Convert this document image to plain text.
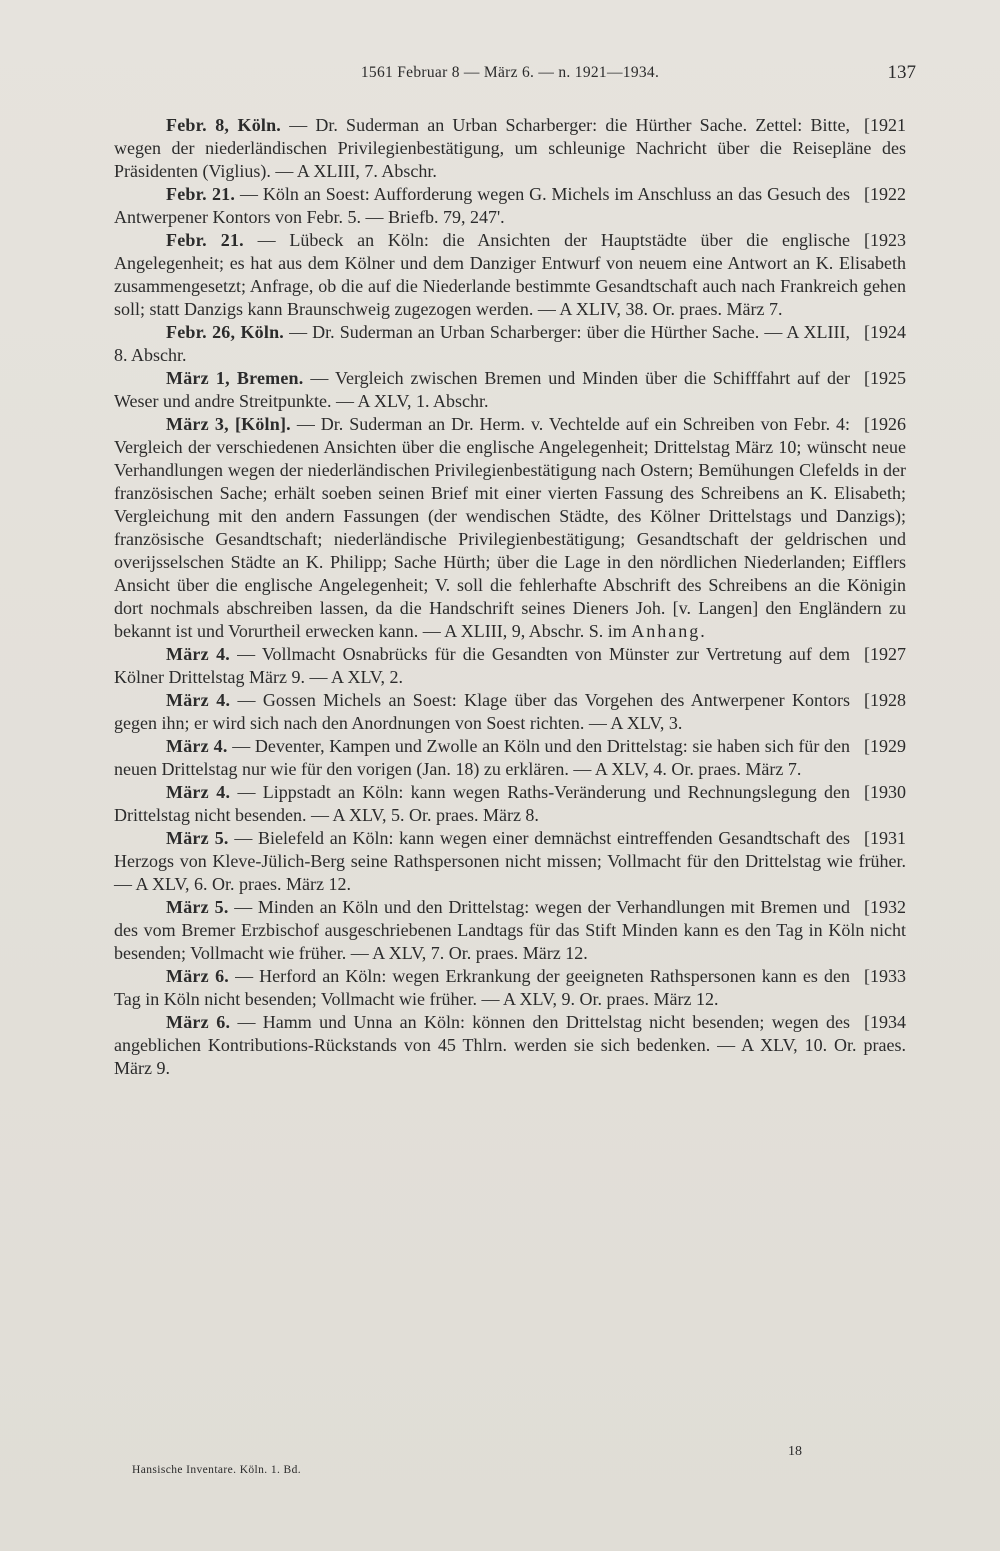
1561 Februar 8 — März 6. — n. 1921—1934.	137

[1921
Febr. 8, Köln. — Dr. Suderman an Urban Scharberger: die Hürther Sache. Zettel: Bitte, wegen der niederländischen Privilegienbestätigung, um schleunige Nachricht über die Reisepläne des Präsidenten (Viglius). — A XLIII, 7. Abschr.

[1922
Febr. 21. — Köln an Soest: Aufforderung wegen G. Michels im Anschluss an das Gesuch des Antwerpener Kontors von Febr. 5. — Briefb. 79, 247'.

[1923
Febr. 21. — Lübeck an Köln: die Ansichten der Hauptstädte über die englische Angelegenheit; es hat aus dem Kölner und dem Danziger Entwurf von neuem eine Antwort an K. Elisabeth zusammengesetzt; Anfrage, ob die auf die Niederlande bestimmte Gesandtschaft auch nach Frankreich gehen soll; statt Danzigs kann Braunschweig zugezogen werden. — A XLIV, 38. Or. praes. März 7.

[1924
Febr. 26, Köln. — Dr. Suderman an Urban Scharberger: über die Hürther Sache. — A XLIII, 8. Abschr.

[1925
März 1, Bremen. — Vergleich zwischen Bremen und Minden über die Schifffahrt auf der Weser und andre Streitpunkte. — A XLV, 1. Abschr.

[1926
März 3, [Köln]. — Dr. Suderman an Dr. Herm. v. Vechtelde auf ein Schreiben von Febr. 4: Vergleich der verschiedenen Ansichten über die englische Angelegenheit; Drittelstag März 10; wünscht neue Verhandlungen wegen der niederländischen Privilegienbestätigung nach Ostern; Bemühungen Clefelds in der französischen Sache; erhält soeben seinen Brief mit einer vierten Fassung des Schreibens an K. Elisabeth; Vergleichung mit den andern Fassungen (der wendischen Städte, des Kölner Drittelstags und Danzigs); französische Gesandtschaft; niederländische Privilegienbestätigung; Gesandtschaft der geldrischen und overijsselschen Städte an K. Philipp; Sache Hürth; über die Lage in den nördlichen Niederlanden; Eifflers Ansicht über die englische Angelegenheit; V. soll die fehlerhafte Abschrift des Schreibens an die Königin dort nochmals abschreiben lassen, da die Handschrift seines Dieners Joh. [v. Langen] den Engländern zu bekannt ist und Vorurtheil erwecken kann. — A XLIII, 9, Abschr. S. im Anhang.

[1927
März 4. — Vollmacht Osnabrücks für die Gesandten von Münster zur Vertretung auf dem Kölner Drittelstag März 9. — A XLV, 2.

[1928
März 4. — Gossen Michels an Soest: Klage über das Vorgehen des Antwerpener Kontors gegen ihn; er wird sich nach den Anordnungen von Soest richten. — A XLV, 3.

[1929
März 4. — Deventer, Kampen und Zwolle an Köln und den Drittelstag: sie haben sich für den neuen Drittelstag nur wie für den vorigen (Jan. 18) zu erklären. — A XLV, 4. Or. praes. März 7.

[1930
März 4. — Lippstadt an Köln: kann wegen Raths-Veränderung und Rechnungslegung den Drittelstag nicht besenden. — A XLV, 5. Or. praes. März 8.

[1931
März 5. — Bielefeld an Köln: kann wegen einer demnächst eintreffenden Gesandtschaft des Herzogs von Kleve-Jülich-Berg seine Rathspersonen nicht missen; Vollmacht für den Drittelstag wie früher. — A XLV, 6. Or. praes. März 12.

[1932
März 5. — Minden an Köln und den Drittelstag: wegen der Verhandlungen mit Bremen und des vom Bremer Erzbischof ausgeschriebenen Landtags für das Stift Minden kann es den Tag in Köln nicht besenden; Vollmacht wie früher. — A XLV, 7. Or. praes. März 12.

[1933
März 6. — Herford an Köln: wegen Erkrankung der geeigneten Rathspersonen kann es den Tag in Köln nicht besenden; Vollmacht wie früher. — A XLV, 9. Or. praes. März 12.

[1934
März 6. — Hamm und Unna an Köln: können den Drittelstag nicht besenden; wegen des angeblichen Kontributions-Rückstands von 45 Thlrn. werden sie sich bedenken. — A XLV, 10. Or. praes. März 9.

Hansische Inventare. Köln. 1. Bd.
18
